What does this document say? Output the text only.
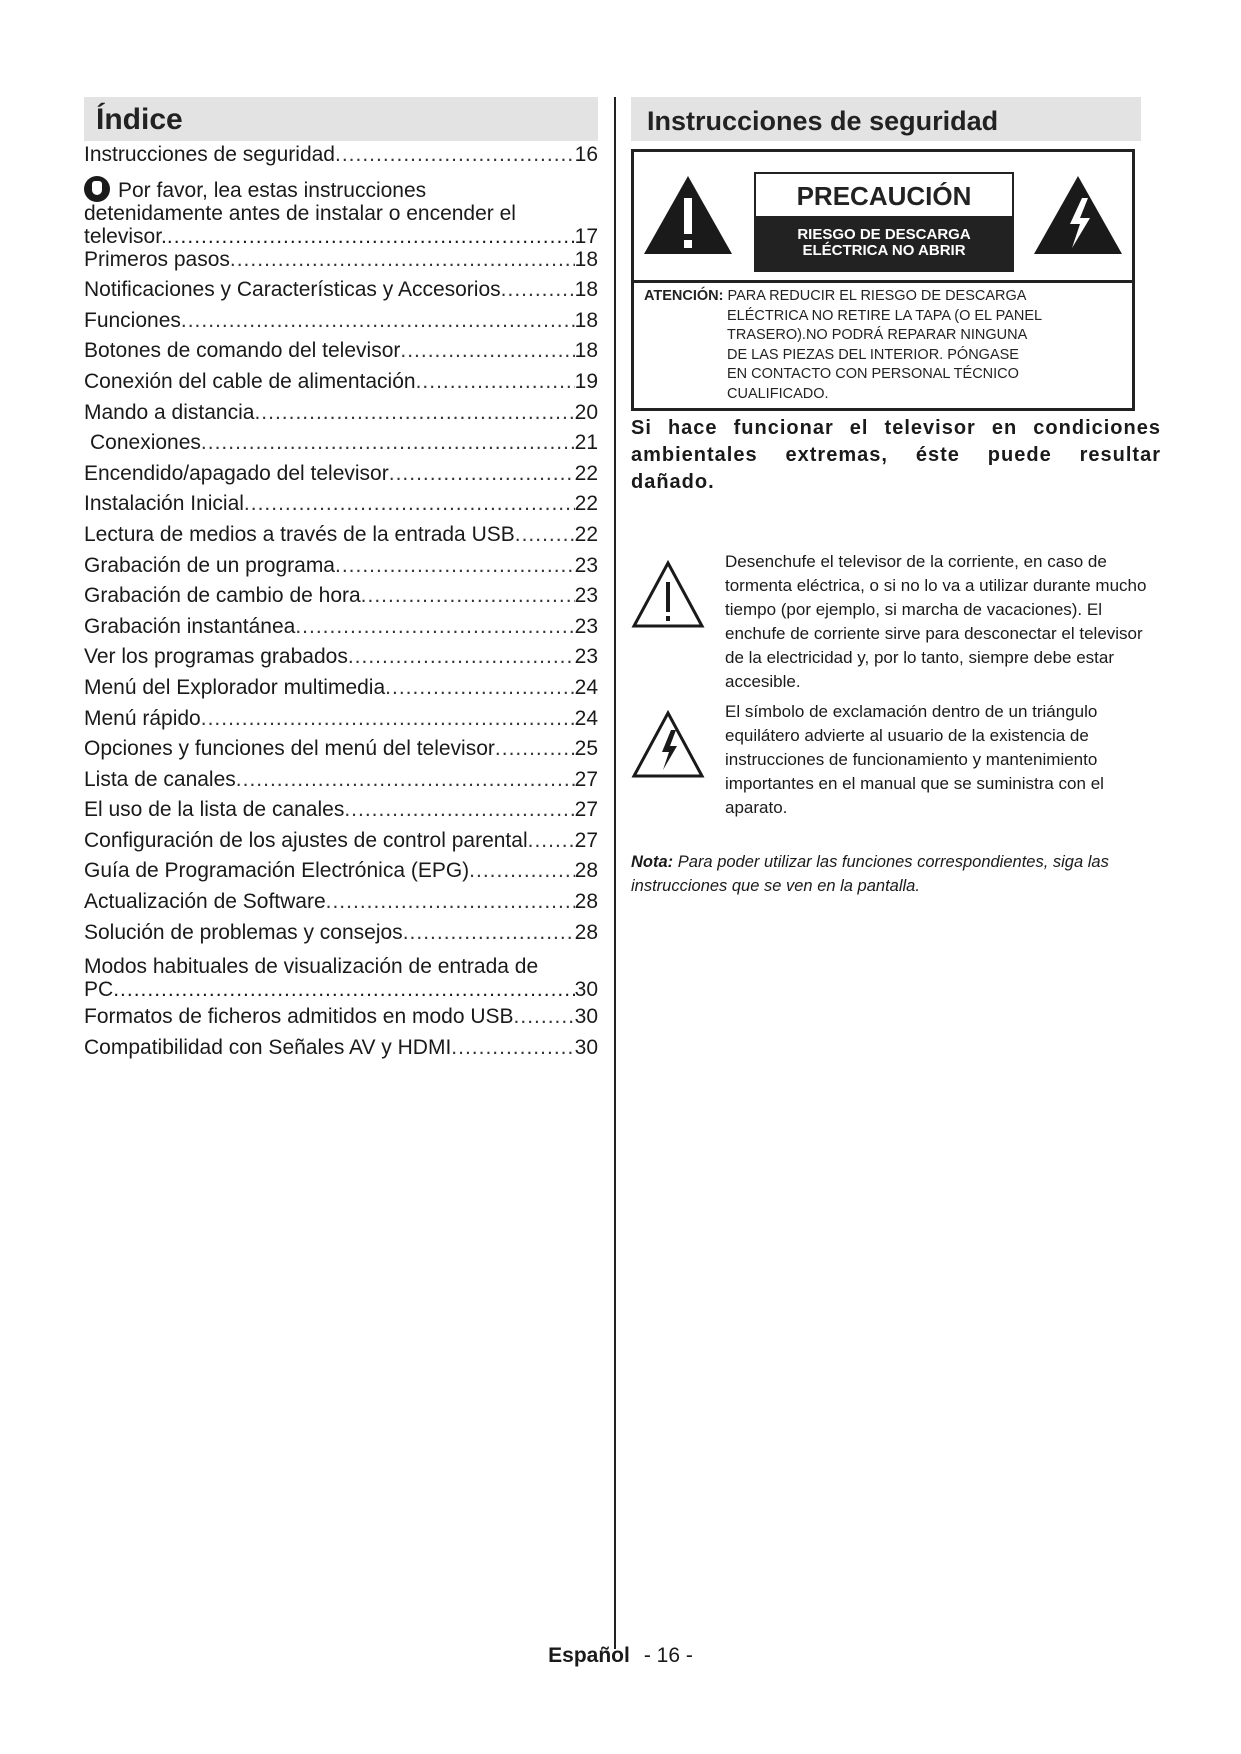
Índice
Instrucciones de seguridad .....	16
Por favor, lea estas instrucciones
detenidamente antes de instalar o encender el
televisor. .....	17
Primeros pasos .....	18
Notificaciones y Características y Accesorios .....	18
Funciones .....	18
Botones de comando del televisor .....	18
Conexión del cable de alimentación .....	19
Mando a distancia .....	20
Conexiones .....	21
Encendido/apagado del televisor .....	22
Instalación Inicial .....	22
Lectura de medios a través de la entrada USB .....	22
Grabación de un programa .....	23
Grabación de cambio de hora .....	23
Grabación instantánea .....	23
Ver los programas grabados .....	23
Menú del Explorador multimedia .....	24
Menú rápido .....	24
Opciones y funciones del menú del televisor .....	25
Lista de canales .....	27
El uso de la lista de canales .....	27
Configuración de los ajustes de control parental ..... 27
Guía de Programación Electrónica (EPG) .....	28
Actualización de Software .....	28
Solución de problemas y consejos .....	28
Modos habituales de visualización de entrada de
PC .....	30
Formatos de ficheros admitidos en modo USB .....	30
Compatibilidad con Señales AV y HDMI .....	30
Instrucciones de seguridad
PRECAUCIÓN
RIESGO DE DESCARGA
ELÉCTRICA NO ABRIR
ATENCIÓN: PARA REDUCIR EL RIESGO DE DESCARGA
ELÉCTRICA NO RETIRE LA TAPA (O EL PANEL
TRASERO).NO PODRÁ REPARAR NINGUNA
DE LAS PIEZAS DEL INTERIOR. PÓNGASE
EN CONTACTO CON PERSONAL TÉCNICO
CUALIFICADO.
Si hace funcionar el televisor en condiciones ambientales extremas, éste puede resultar dañado.
Desenchufe el televisor de la corriente, en caso de tormenta eléctrica, o si no lo va a utilizar durante mucho tiempo (por ejemplo, si marcha de vacaciones). El enchufe de corriente sirve para desconectar el televisor de la electricidad y, por lo tanto, siempre debe estar accesible.
El símbolo de exclamación dentro de un triángulo equilátero advierte al usuario de la existencia de instrucciones de funcionamiento y mantenimiento importantes en el manual que se suministra con el aparato.
Nota: Para poder utilizar las funciones correspondientes, siga las instrucciones que se ven en la pantalla.
Español - 16 -
